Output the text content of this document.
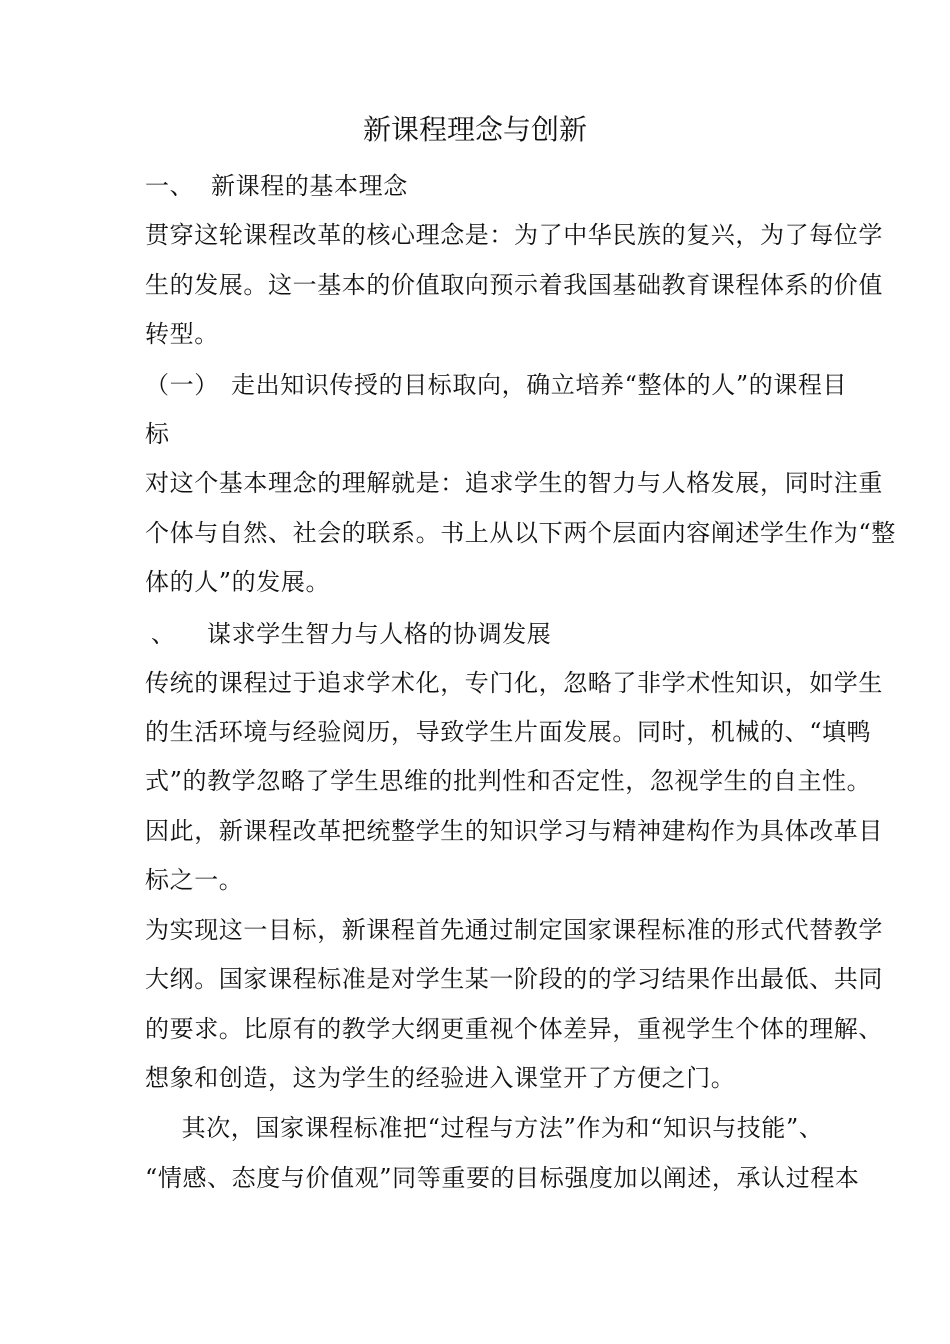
新课程理念与创新
一、 新课程的基本理念
贯穿这轮课程改革的核心理念是：为了中华民族的复兴，为了每位学
生的发展。这一基本的价值取向预示着我国基础教育课程体系的价值
转型。
（一） 走出知识传授的目标取向，确立培养“整体的人”的课程目
标
对这个基本理念的理解就是：追求学生的智力与人格发展，同时注重
个体与自然、社会的联系。书上从以下两个层面内容阐述学生作为“整
体的人”的发展。
、 谋求学生智力与人格的协调发展
传统的课程过于追求学术化，专门化，忽略了非学术性知识，如学生
的生活环境与经验阅历，导致学生片面发展。同时，机械的、“填鸭
式”的教学忽略了学生思维的批判性和否定性，忽视学生的自主性。
因此，新课程改革把统整学生的知识学习与精神建构作为具体改革目
标之一。
为实现这一目标，新课程首先通过制定国家课程标准的形式代替教学
大纲。国家课程标准是对学生某一阶段的的学习结果作出最低、共同
的要求。比原有的教学大纲更重视个体差异，重视学生个体的理解、
想象和创造，这为学生的经验进入课堂开了方便之门。
　其次，国家课程标准把“过程与方法”作为和“知识与技能”、
“情感、态度与价值观”同等重要的目标强度加以阐述，承认过程本
